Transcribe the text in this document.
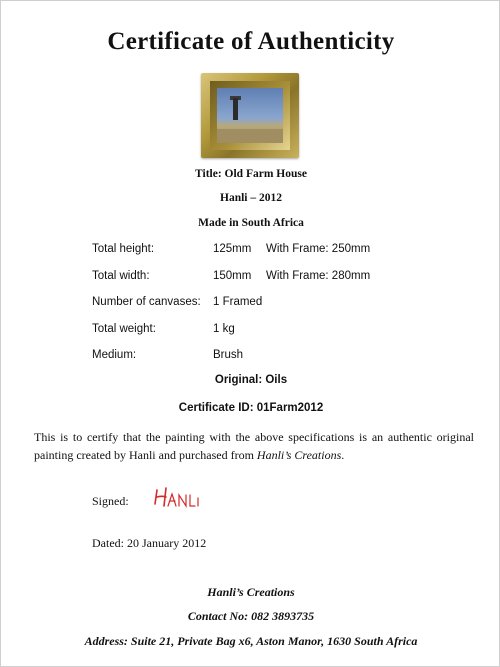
Certificate of Authenticity
Title: Old Farm House
Hanli – 2012
Made in South Africa
Total height:	125mm With Frame: 250mm
Total width:	150mm With Frame: 280mm
Number of canvases: 1 Framed
Total weight:	1 kg
Medium:	Brush
Original: Oils
Certificate ID: 01Farm2012
This is to certify that the painting with the above specifications is an authentic original painting created by Hanli and purchased from Hanli’s Creations.
Signed:
Dated: 20 January 2012
Hanli’s Creations
Contact No: 082 3893735
Address: Suite 21, Private Bag x6, Aston Manor, 1630 South Africa
